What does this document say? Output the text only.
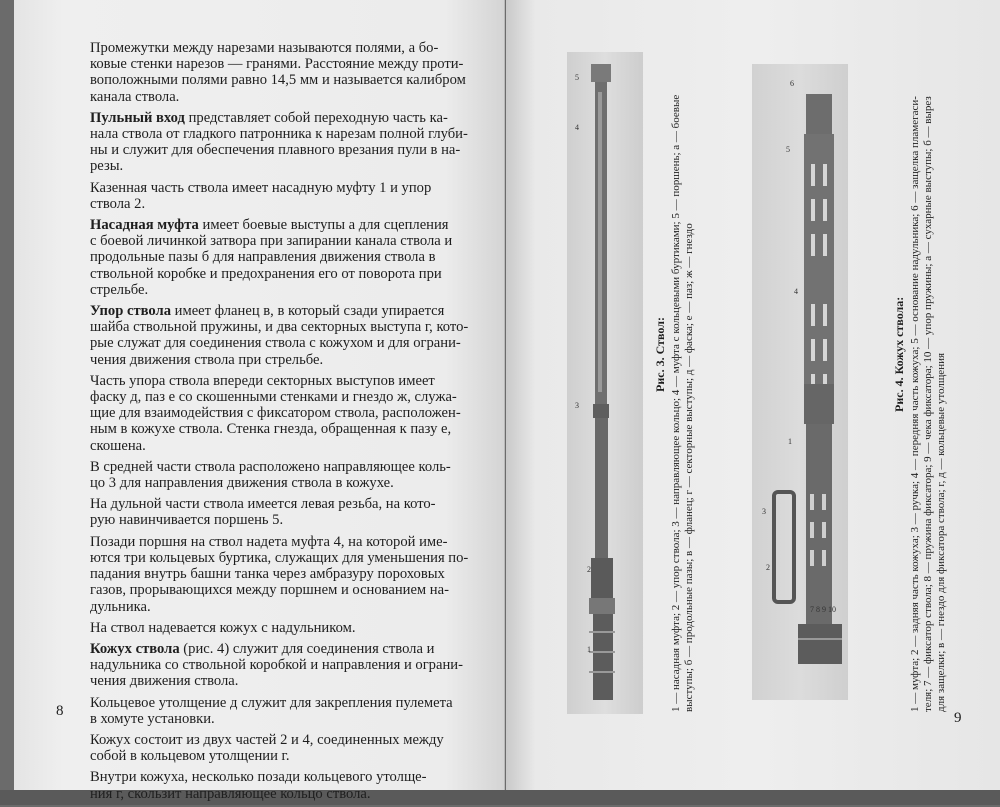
Промежутки между нарезами называются полями, а бо-
ковые стенки нарезов — гранями. Расстояние между проти-
воположными полями равно 14,5 мм и называется калибром
канала ствола.

Пульный вход представляет собой переходную часть ка-
нала ствола от гладкого патронника к нарезам полной глуби-
ны и служит для обеспечения плавного врезания пули в на-
резы.

Казенная часть ствола имеет насадную муфту 1 и упор
ствола 2.

Насадная муфта имеет боевые выступы а для сцепления
с боевой личинкой затвора при запирании канала ствола и
продольные пазы б для направления движения ствола в
ствольной коробке и предохранения его от поворота при
стрельбе.

Упор ствола имеет фланец в, в который сзади упирается
шайба ствольной пружины, и два секторных выступа г, кото-
рые служат для соединения ствола с кожухом и для ограни-
чения движения ствола при стрельбе.

Часть упора ствола впереди секторных выступов имеет
фаску д, паз е со скошенными стенками и гнездо ж, служа-
щие для взаимодействия с фиксатором ствола, расположен-
ным в кожухе ствола. Стенка гнезда, обращенная к пазу е,
скошена.

В средней части ствола расположено направляющее коль-
цо 3 для направления движения ствола в кожухе.

На дульной части ствола имеется левая резьба, на кото-
рую навинчивается поршень 5.

Позади поршня на ствол надета муфта 4, на которой име-
ются три кольцевых буртика, служащих для уменьшения по-
падания внутрь башни танка через амбразуру пороховых
газов, прорывающихся между поршнем и основанием на-
дульника.

На ствол надевается кожух с надульником.

Кожух ствола (рис. 4) служит для соединения ствола и
надульника со ствольной коробкой и направления и ограни-
чения движения ствола.

Кольцевое утолщение д служит для закрепления пулемета
в хомуте установки.

Кожух состоит из двух частей 2 и 4, соединенных между
собой в кольцевом утолщении г.

Внутри кожуха, несколько позади кольцевого утолще-
ния г, скользит направляющее кольцо ствола.

8
5
4
3
2
1
Рис. 3. Ствол: 1 — насадная муфта; 2 — упор ствола; 3 — направляющее кольцо; 4 — муфта с кольцевыми буртиками; 5 — поршень; а — боевые выступы; б — продольные пазы; в — фланец; г — секторные выступы; д — фаска; е — паз; ж — гнездо
6
5
4
3
2
1
7 8 9 10
Рис. 4. Кожух ствола: 1 — муфта; 2 — задняя часть кожуха; 3 — ручка; 4 — передняя часть кожуха; 5 — основание надульника; 6 — защелка пламегаси- теля; 7 — фиксатор ствола; 8 — пружина фиксатора; 9 — чека фиксатора; 10 — упор пружины; а — сухарные выступы; б — вырез для защелки; в — гнездо для фиксатора ствола; г, д — кольцевые утолщения
9
